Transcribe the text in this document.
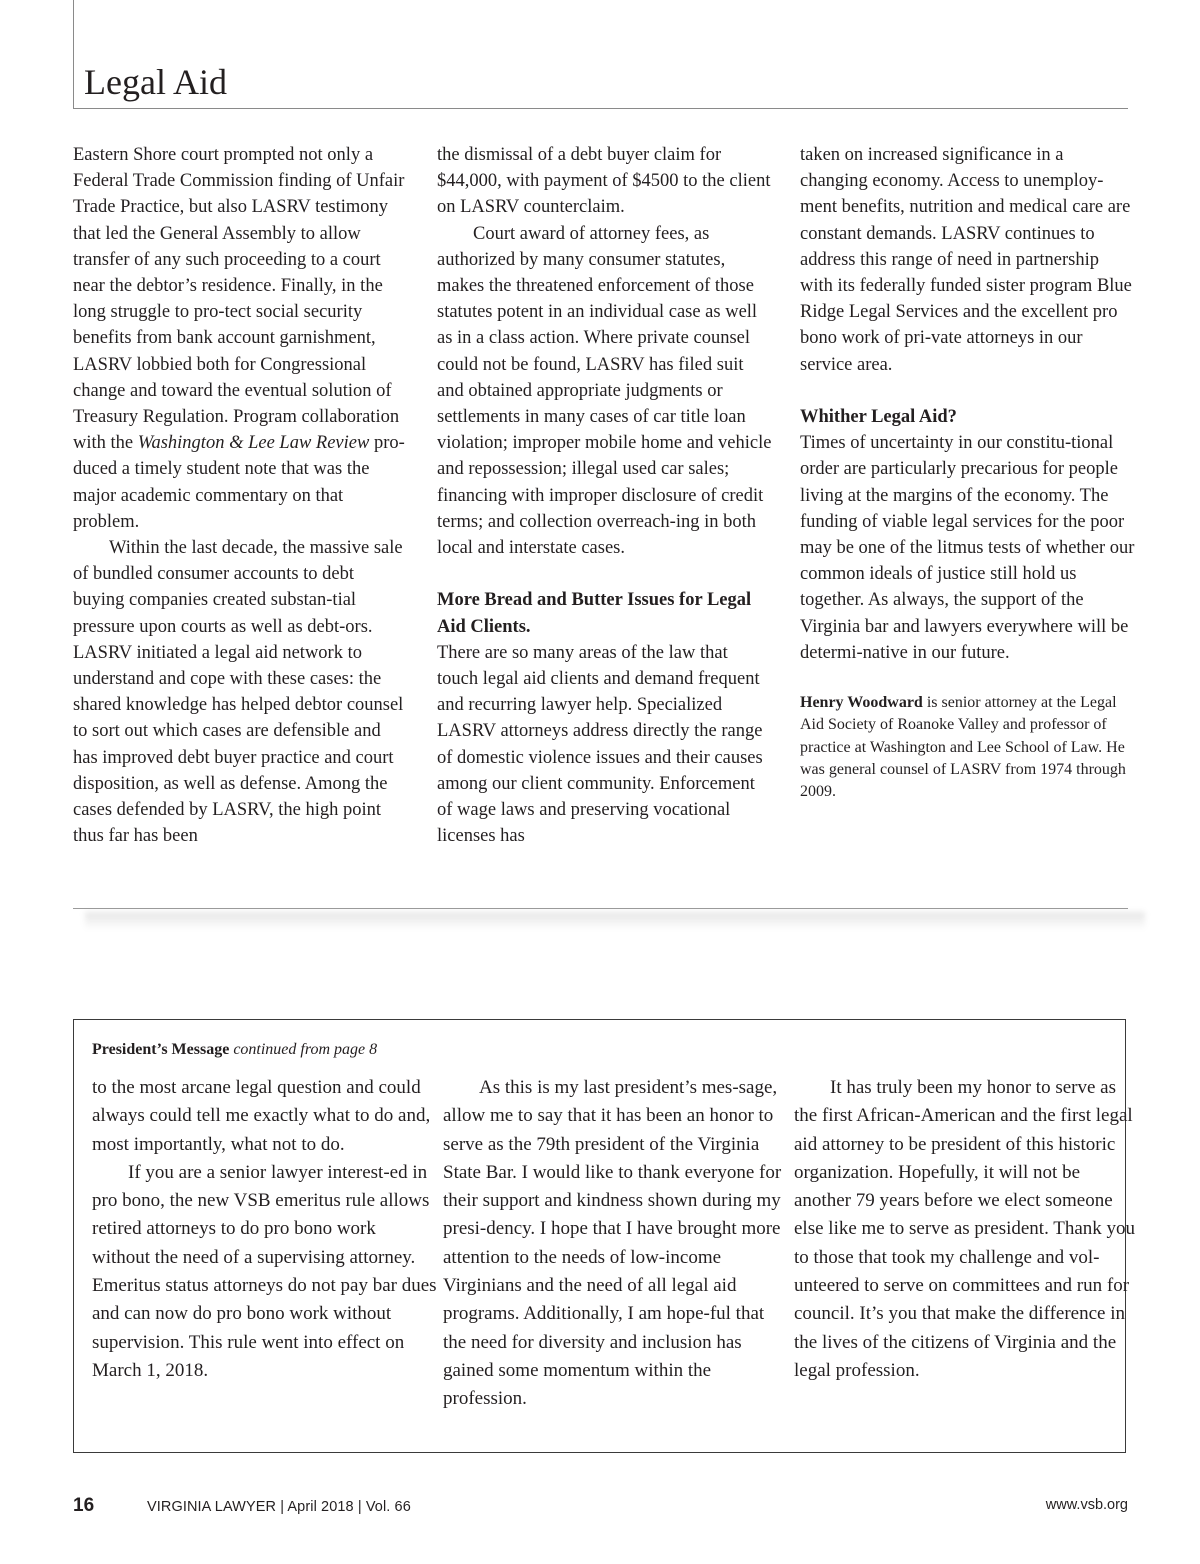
Legal Aid

Eastern Shore court prompted not only a Federal Trade Commission finding of Unfair Trade Practice, but also LASRV testimony that led the General Assembly to allow transfer of any such proceeding to a court near the debtor’s residence. Finally, in the long struggle to pro-tect social security benefits from bank account garnishment, LASRV lobbied both for Congressional change and toward the eventual solution of Treasury Regulation. Program collaboration with the Washington & Lee Law Review pro-duced a timely student note that was the major academic commentary on that problem.

Within the last decade, the massive sale of bundled consumer accounts to debt buying companies created substan-tial pressure upon courts as well as debt-ors. LASRV initiated a legal aid network to understand and cope with these cases: the shared knowledge has helped debtor counsel to sort out which cases are defensible and has improved debt buyer practice and court disposition, as well as defense. Among the cases defended by LASRV, the high point thus far has been

the dismissal of a debt buyer claim for $44,000, with payment of $4500 to the client on LASRV counterclaim.

Court award of attorney fees, as authorized by many consumer statutes, makes the threatened enforcement of those statutes potent in an individual case as well as in a class action. Where private counsel could not be found, LASRV has filed suit and obtained appropriate judgments or settlements in many cases of car title loan violation; improper mobile home and vehicle and repossession; illegal used car sales; financing with improper disclosure of credit terms; and collection overreach-ing in both local and interstate cases.

More Bread and Butter Issues for Legal Aid Clients.

There are so many areas of the law that touch legal aid clients and demand frequent and recurring lawyer help. Specialized LASRV attorneys address directly the range of domestic violence issues and their causes among our client community. Enforcement of wage laws and preserving vocational licenses has

taken on increased significance in a changing economy. Access to unemploy-ment benefits, nutrition and medical care are constant demands. LASRV continues to address this range of need in partnership with its federally funded sister program Blue Ridge Legal Services and the excellent pro bono work of pri-vate attorneys in our service area.

Whither Legal Aid?

Times of uncertainty in our constitu-tional order are particularly precarious for people living at the margins of the economy. The funding of viable legal services for the poor may be one of the litmus tests of whether our common ideals of justice still hold us together. As always, the support of the Virginia bar and lawyers everywhere will be determi-native in our future.

Henry Woodward is senior attorney at the Legal Aid Society of Roanoke Valley and professor of practice at Washington and Lee School of Law. He was general counsel of LASRV from 1974 through 2009.

President’s Message continued from page 8

to the most arcane legal question and could always could tell me exactly what to do and, most importantly, what not to do.

If you are a senior lawyer interest-ed in pro bono, the new VSB emeritus rule allows retired attorneys to do pro bono work without the need of a supervising attorney. Emeritus status attorneys do not pay bar dues and can now do pro bono work without supervision. This rule went into effect on March 1, 2018.

As this is my last president’s mes-sage, allow me to say that it has been an honor to serve as the 79th president of the Virginia State Bar. I would like to thank everyone for their support and kindness shown during my presi-dency. I hope that I have brought more attention to the needs of low-income Virginians and the need of all legal aid programs. Additionally, I am hope-ful that the need for diversity and inclusion has gained some momentum within the profession.

It has truly been my honor to serve as the first African-American and the first legal aid attorney to be president of this historic organization. Hopefully, it will not be another 79 years before we elect someone else like me to serve as president. Thank you to those that took my challenge and vol-unteered to serve on committees and run for council. It’s you that make the difference in the lives of the citizens of Virginia and the legal profession.

16	VIRGINIA LAWYER | April 2018 | Vol. 66	www.vsb.org
